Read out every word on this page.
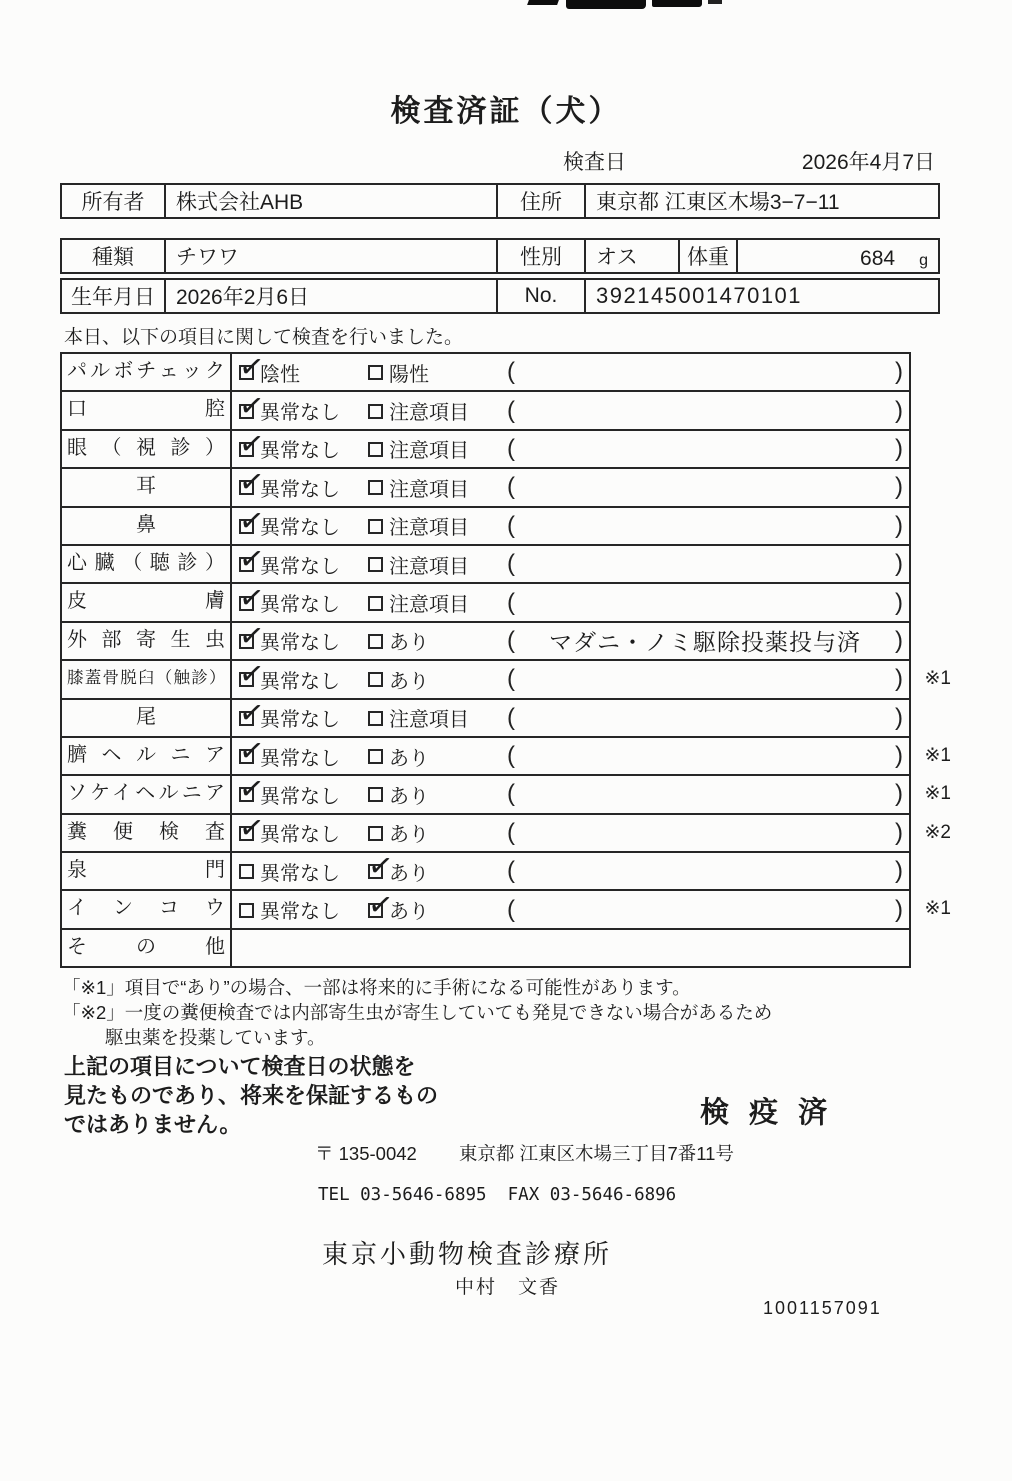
検査済証（犬）
検査日	2026年4月7日
所有者	株式会社AHB	住所	東京都 江東区木場3−7−11
種類	チワワ	性別	オス	体重	684 g
生年月日	2026年2月6日	No.	392145001470101
本日、以下の項目に関して検査を行いました。
パルボチェック ✓	陰性	陽性	(	)
口腔 ✓	異常なし	注意項目	(	)
眼（視診） ✓	異常なし	注意項目	(	)
耳 ✓	異常なし	注意項目	(	)
鼻 ✓	異常なし	注意項目	(	)
心臓（聴診） ✓	異常なし	注意項目	(	)
皮膚 ✓	異常なし	注意項目	(	)
外部寄生虫 ✓	異常なし	あり	(	マダニ・ノミ駆除投薬投与済	)
膝蓋骨脱臼（触診） ✓	異常なし	あり	(	) ※1
尾 ✓	異常なし	注意項目	(	)
臍ヘルニア ✓	異常なし	あり	(	) ※1
ソケイヘルニア ✓	異常なし	あり	(	) ※1
糞便検査 ✓	異常なし	あり	(	) ※2
泉門	異常なし ✓	あり	(	)
インコウ	異常なし ✓	あり	(	) ※1
その他
「※1」項目で“あり”の場合、一部は将来的に手術になる可能性があります。
「※2」一度の糞便検査では内部寄生虫が寄生していても発見できない場合があるため
駆虫薬を投薬しています。
上記の項目について検査日の状態を
見たものであり、将来を保証するもの
ではありません。	検 疫 済
〒 135-0042 東京都 江東区木場三丁目7番11号
TEL 03-5646-6895  FAX 03-5646-6896
東京小動物検査診療所
中村　文香
1001157091
